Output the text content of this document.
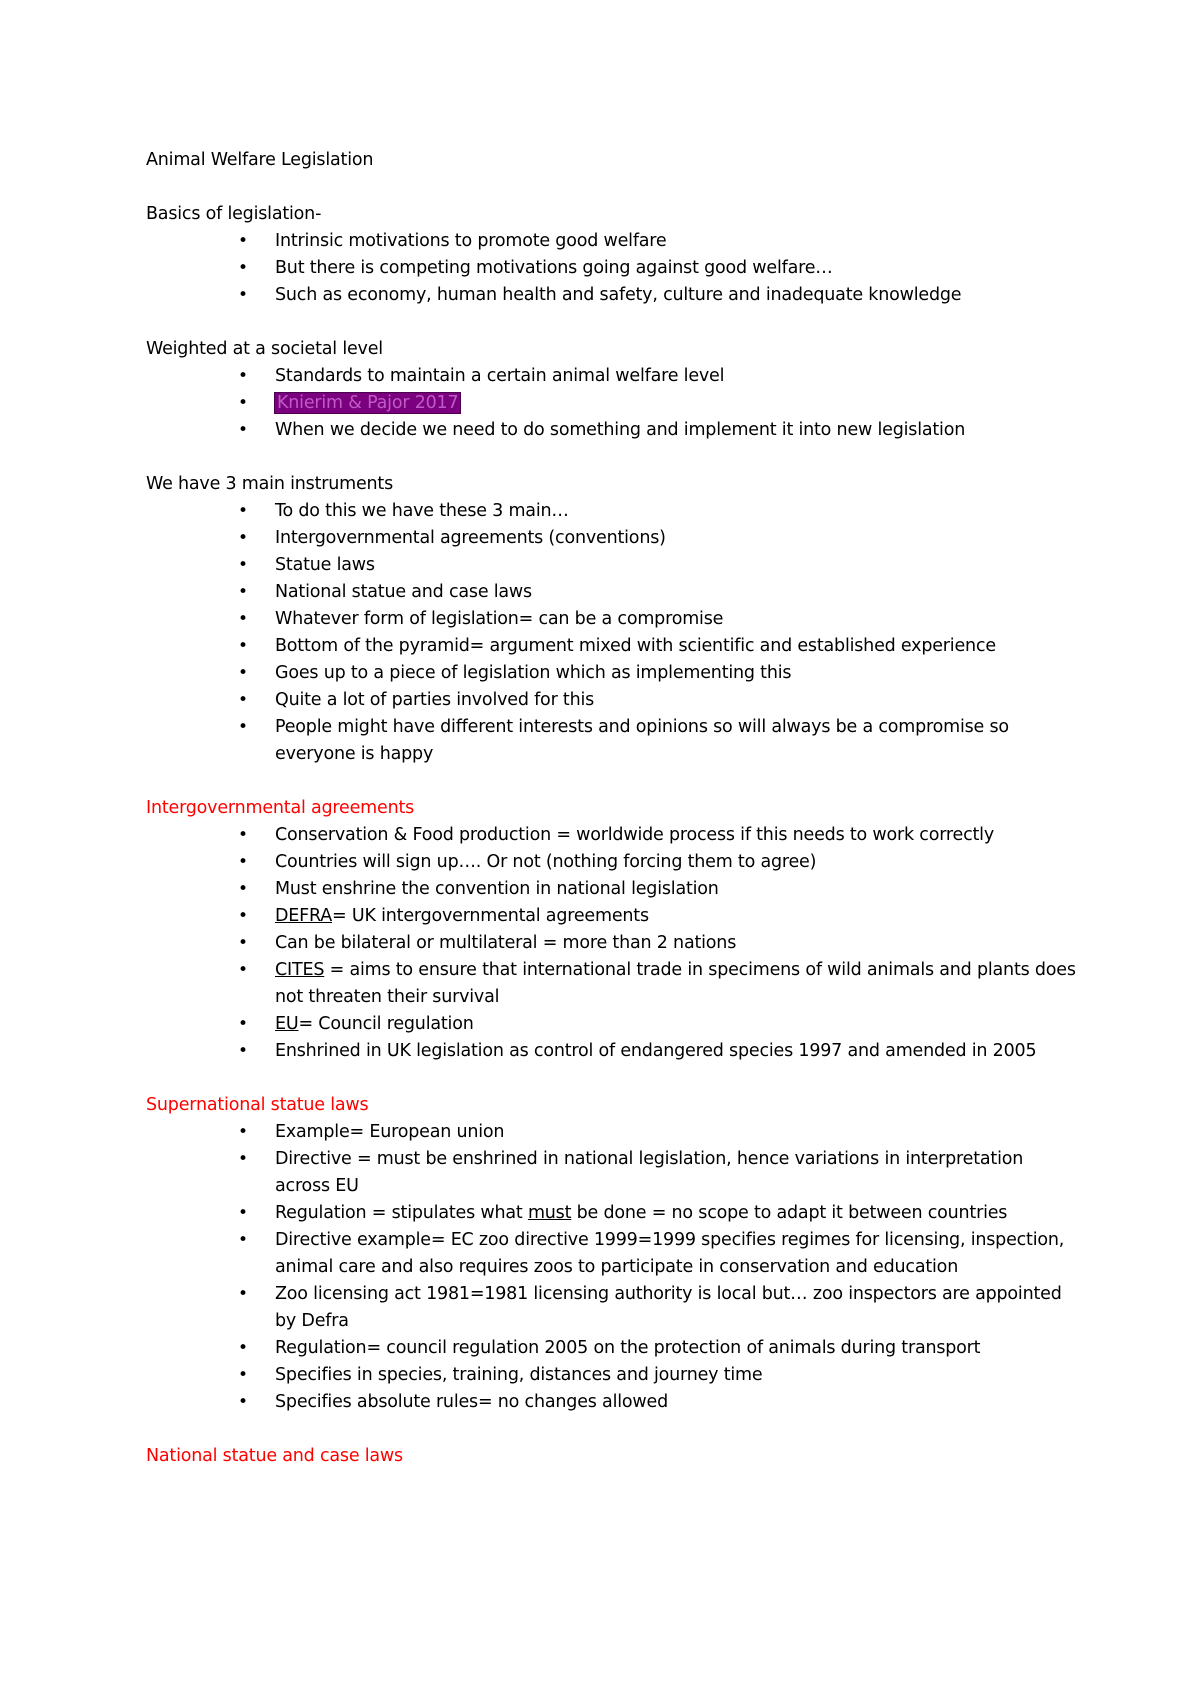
Animal Welfare Legislation

Basics of legislation-

• Intrinsic motivations to promote good welfare
• But there is competing motivations going against good welfare…
• Such as economy, human health and safety, culture and inadequate knowledge

Weighted at a societal level

• Standards to maintain a certain animal welfare level
• Knierim & Pajor 2017
• When we decide we need to do something and implement it into new legislation

We have 3 main instruments

• To do this we have these 3 main…
• Intergovernmental agreements (conventions)
• Statue laws
• National statue and case laws
• Whatever form of legislation= can be a compromise
• Bottom of the pyramid= argument mixed with scientific and established experience
• Goes up to a piece of legislation which as implementing this
• Quite a lot of parties involved for this
• People might have different interests and opinions so will always be a compromise so everyone is happy

Intergovernmental agreements

• Conservation & Food production = worldwide process if this needs to work correctly
• Countries will sign up…. Or not (nothing forcing them to agree)
• Must enshrine the convention in national legislation
• DEFRA= UK intergovernmental agreements
• Can be bilateral or multilateral = more than 2 nations
• CITES = aims to ensure that international trade in specimens of wild animals and plants does not threaten their survival
• EU= Council regulation
• Enshrined in UK legislation as control of endangered species 1997 and amended in 2005

Supernational statue laws

• Example= European union
• Directive = must be enshrined in national legislation, hence variations in interpretation across EU
• Regulation = stipulates what must be done = no scope to adapt it between countries
• Directive example= EC zoo directive 1999=1999 specifies regimes for licensing, inspection, animal care and also requires zoos to participate in conservation and education
• Zoo licensing act 1981=1981 licensing authority is local but… zoo inspectors are appointed by Defra
• Regulation= council regulation 2005 on the protection of animals during transport
• Specifies in species, training, distances and journey time
• Specifies absolute rules= no changes allowed

National statue and case laws
